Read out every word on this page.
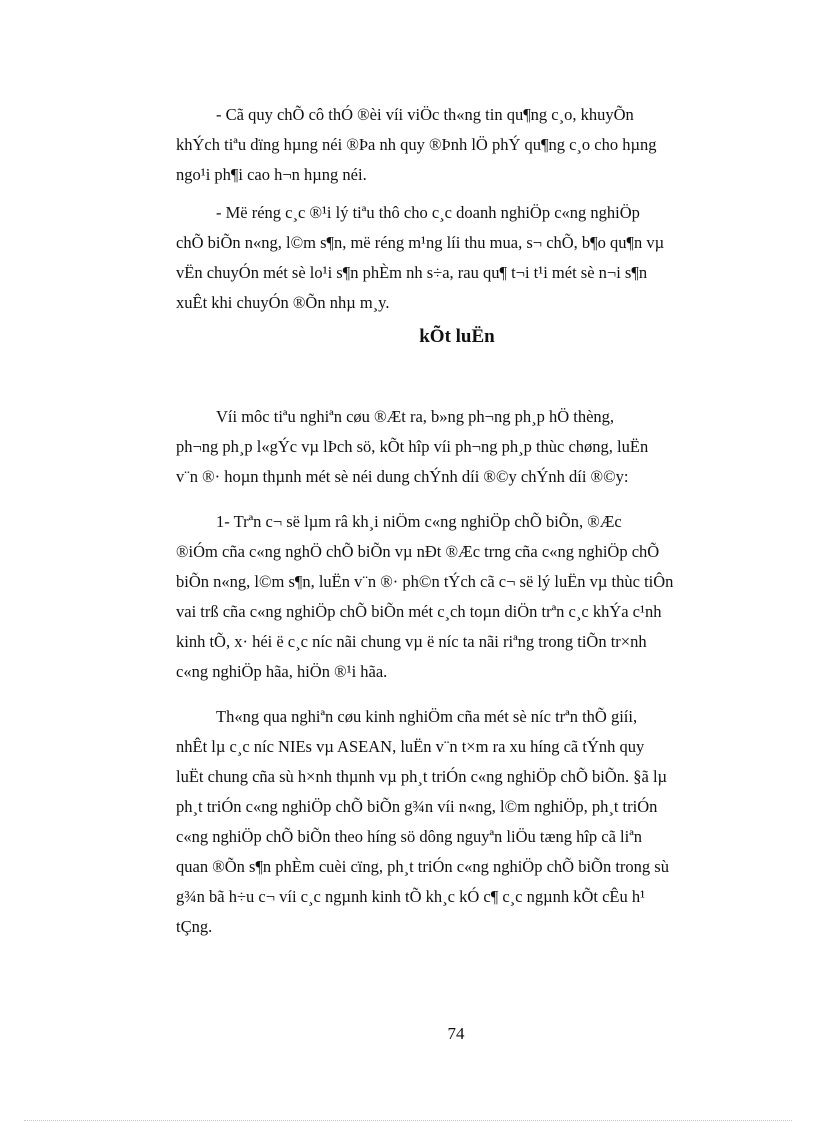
- Cã quy chÕ cô thÓ ®èi víi viÖc th«ng tin qu¶ng c¸o, khuyÕn
khÝch tiªu dïng hµng néi ®Þa nh quy ®Þnh lÖ phÝ qu¶ng c¸o cho hµng
ngo¹i ph¶i cao h¬n hµng néi.

- Më réng c¸c ®¹i lý tiªu thô cho c¸c doanh nghiÖp c«ng nghiÖp
chÕ biÕn n«ng, l©m s¶n, më réng m¹ng líi thu mua, s¬ chÕ, b¶o qu¶n vµ
vËn chuyÓn mét sè lo¹i s¶n phÈm nh s÷a, rau qu¶ t¬i t¹i mét sè n¬i s¶n
xuÊt khi chuyÓn ®Õn nhµ m¸y.

kÕt luËn

Víi môc tiªu nghiªn cøu ®Æt ra, b»ng ph¬ng ph¸p hÖ thèng,
ph¬ng ph¸p l«gÝc vµ lÞch sö, kÕt hîp víi ph¬ng ph¸p thùc chøng, luËn
v¨n ®· hoµn thµnh mét sè néi dung chÝnh díi ®©y chÝnh díi ®©y:

1- Trªn c¬ së lµm râ kh¸i niÖm c«ng nghiÖp chÕ biÕn, ®Æc
®iÓm cña c«ng nghÖ chÕ biÕn vµ nÐt ®Æc trng cña c«ng nghiÖp chÕ
biÕn n«ng, l©m s¶n, luËn v¨n ®· ph©n tÝch cã c¬ së lý luËn vµ thùc tiÔn
vai trß cña c«ng nghiÖp chÕ biÕn mét c¸ch toµn diÖn trªn c¸c khÝa c¹nh
kinh tÕ, x· héi ë c¸c níc nãi chung vµ ë níc ta nãi riªng trong tiÕn tr×nh
c«ng nghiÖp hãa, hiÖn ®¹i hãa.

Th«ng qua nghiªn cøu kinh nghiÖm cña mét sè níc trªn thÕ giíi,
nhÊt lµ c¸c níc NIEs vµ ASEAN, luËn v¨n t×m ra xu híng cã tÝnh quy
luËt chung cña sù h×nh thµnh vµ ph¸t triÓn c«ng nghiÖp chÕ biÕn. §ã lµ
ph¸t triÓn c«ng nghiÖp chÕ biÕn g¾n víi n«ng, l©m nghiÖp, ph¸t triÓn
c«ng nghiÖp chÕ biÕn theo híng sö dông nguyªn liÖu tæng hîp cã liªn
quan ®Õn s¶n phÈm cuèi cïng, ph¸t triÓn c«ng nghiÖp chÕ biÕn trong sù
g¾n bã h÷u c¬ víi c¸c ngµnh kinh tÕ kh¸c kÓ c¶ c¸c ngµnh kÕt cÊu h¹
tÇng.

74
